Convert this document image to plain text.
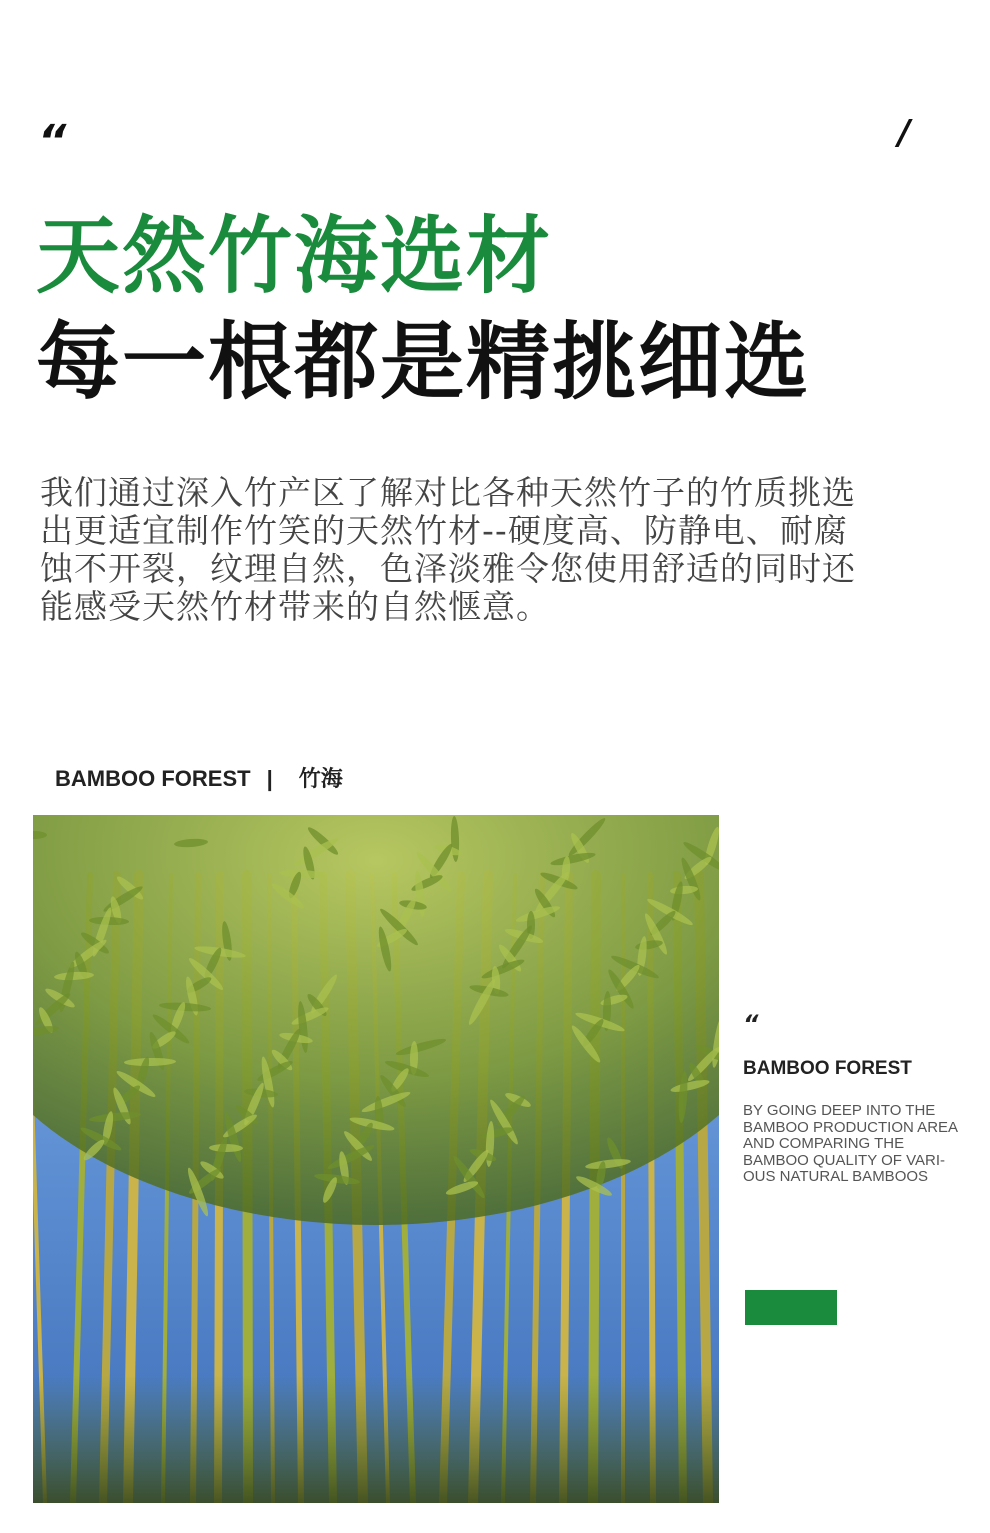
“	/
天然竹海选材
每一根都是精挑细选
我们通过深入竹产区了解对比各种天然竹子的竹质挑选出更适宜制作竹笑的天然竹材--硬度高、防静电、耐腐蚀不开裂，纹理自然，色泽淡雅令您使用舒适的同时还能感受天然竹材带来的自然惬意。
BAMBOO FOREST | 竹海
“
BAMBOO FOREST
BY GOING DEEP INTO THE
BAMBOO PRODUCTION AREA
AND COMPARING THE
BAMBOO QUALITY OF VARI-
OUS NATURAL BAMBOOS
